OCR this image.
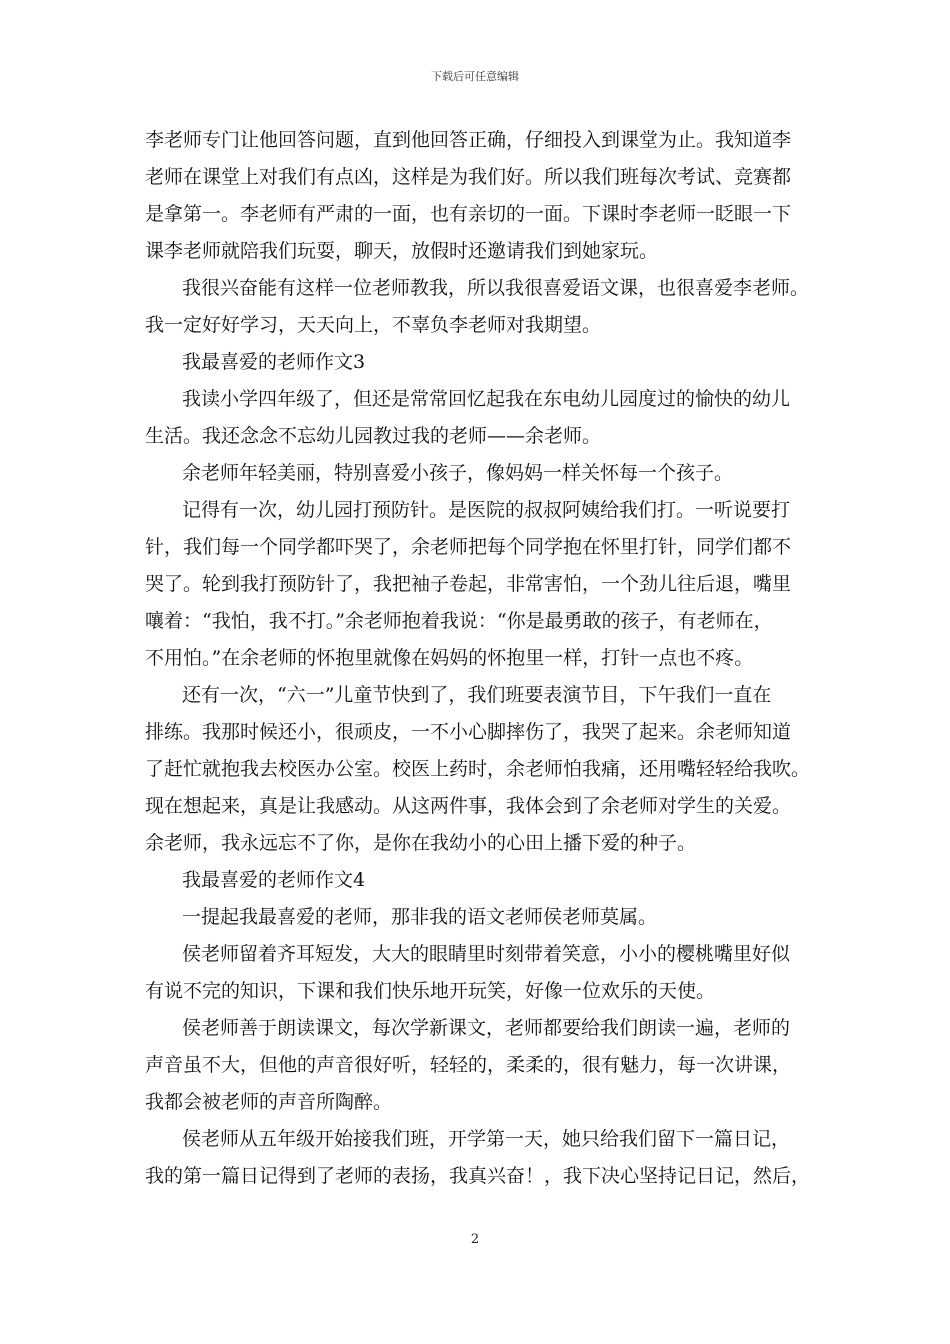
下载后可任意编辑
李老师专门让他回答问题，直到他回答正确，仔细投入到课堂为止。我知道李
老师在课堂上对我们有点凶，这样是为我们好。所以我们班每次考试、竞赛都
是拿第一。李老师有严肃的一面，也有亲切的一面。下课时李老师一眨眼一下
课李老师就陪我们玩耍，聊天，放假时还邀请我们到她家玩。
我很兴奋能有这样一位老师教我，所以我很喜爱语文课，也很喜爱李老师。
我一定好好学习，天天向上，不辜负李老师对我期望。
我最喜爱的老师作文3
我读小学四年级了，但还是常常回忆起我在东电幼儿园度过的愉快的幼儿
生活。我还念念不忘幼儿园教过我的老师——余老师。
余老师年轻美丽，特别喜爱小孩子，像妈妈一样关怀每一个孩子。
记得有一次，幼儿园打预防针。是医院的叔叔阿姨给我们打。一听说要打
针，我们每一个同学都吓哭了，余老师把每个同学抱在怀里打针，同学们都不
哭了。轮到我打预防针了，我把袖子卷起，非常害怕，一个劲儿往后退，嘴里
嚷着：“我怕，我不打。”余老师抱着我说：“你是最勇敢的孩子，有老师在，
不用怕。”在余老师的怀抱里就像在妈妈的怀抱里一样，打针一点也不疼。
还有一次，“六一”儿童节快到了，我们班要表演节目，下午我们一直在
排练。我那时候还小，很顽皮，一不小心脚摔伤了，我哭了起来。余老师知道
了赶忙就抱我去校医办公室。校医上药时，余老师怕我痛，还用嘴轻轻给我吹。
现在想起来，真是让我感动。从这两件事，我体会到了余老师对学生的关爱。
余老师，我永远忘不了你，是你在我幼小的心田上播下爱的种子。
我最喜爱的老师作文4
一提起我最喜爱的老师，那非我的语文老师侯老师莫属。
侯老师留着齐耳短发，大大的眼睛里时刻带着笑意，小小的樱桃嘴里好似
有说不完的知识，下课和我们快乐地开玩笑，好像一位欢乐的天使。
侯老师善于朗读课文，每次学新课文，老师都要给我们朗读一遍，老师的
声音虽不大，但他的声音很好听，轻轻的，柔柔的，很有魅力，每一次讲课，
我都会被老师的声音所陶醉。
侯老师从五年级开始接我们班，开学第一天，她只给我们留下一篇日记，
我的第一篇日记得到了老师的表扬，我真兴奋！，我下决心坚持记日记，然后，
2
